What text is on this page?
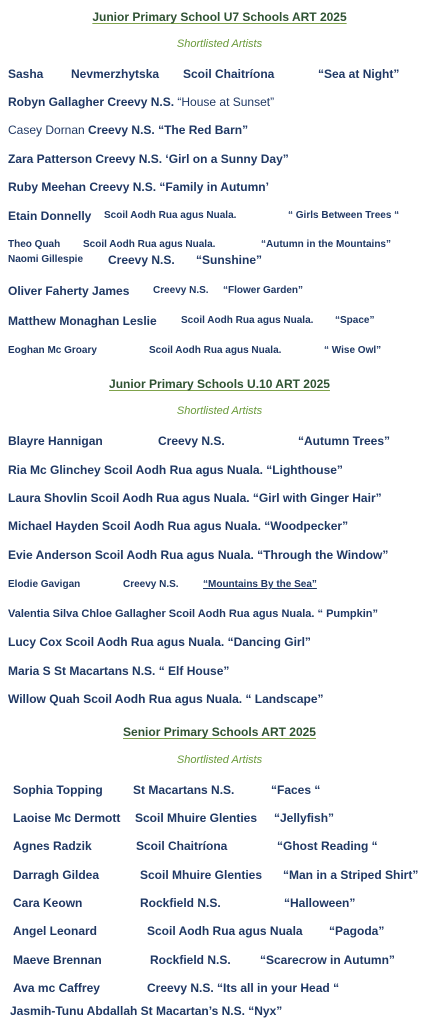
Junior Primary School U7 Schools ART 2025
Shortlisted Artists
Sasha Nevmerzhytska Scoil Chaitríona	“Sea at Night”
Robyn Gallagher Creevy N.S. “House at Sunset”
Casey Dornan Creevy N.S. “The Red Barn”
Zara Patterson Creevy N.S. ‘Girl on a Sunny Day”
Ruby Meehan Creevy N.S. “Family in Autumn’
Etain Donnelly Scoil Aodh Rua agus Nuala.	“ Girls Between Trees “
Theo Quah Scoil Aodh Rua agus Nuala.	“Autumn in the Mountains”
Naomi Gillespie Creevy N.S. “Sunshine”
Oliver Faherty James Creevy N.S. “Flower Garden”
Matthew Monaghan Leslie Scoil Aodh Rua agus Nuala. “Space”
Eoghan Mc Groary	Scoil Aodh Rua agus Nuala.	“ Wise Owl”
Junior Primary Schools U.10 ART 2025
Shortlisted Artists
Blayre Hannigan	Creevy N.S.	“Autumn Trees”
Ria Mc Glinchey Scoil Aodh Rua agus Nuala. “Lighthouse”
Laura Shovlin Scoil Aodh Rua agus Nuala. “Girl with Ginger Hair”
Michael Hayden Scoil Aodh Rua agus Nuala. “Woodpecker”
Evie Anderson Scoil Aodh Rua agus Nuala. “Through the Window”
Elodie Gavigan	Creevy N.S. “Mountains By the Sea”
Valentia Silva Chloe Gallagher Scoil Aodh Rua agus Nuala. “ Pumpkin”
Lucy Cox Scoil Aodh Rua agus Nuala. “Dancing Girl”
Maria S St Macartans N.S. “ Elf House”
Willow Quah Scoil Aodh Rua agus Nuala. “ Landscape”
Senior Primary Schools ART 2025
Shortlisted Artists
Sophia Topping	St Macartans N.S.	“Faces “
Laoise Mc Dermott Scoil Mhuire Glenties “Jellyfish”
Agnes Radzik	Scoil Chaitríona	“Ghost Reading “
Darragh Gildea	Scoil Mhuire Glenties “Man in a Striped Shirt”
Cara Keown	Rockfield N.S.	“Halloween”
Angel Leonard	Scoil Aodh Rua agus Nuala “Pagoda”
Maeve Brennan	Rockfield N.S. “Scarecrow in Autumn”
Ava mc Caffrey	Creevy N.S. “Its all in your Head “
Jasmih-Tunu Abdallah St Macartan’s N.S. “Nyx”
